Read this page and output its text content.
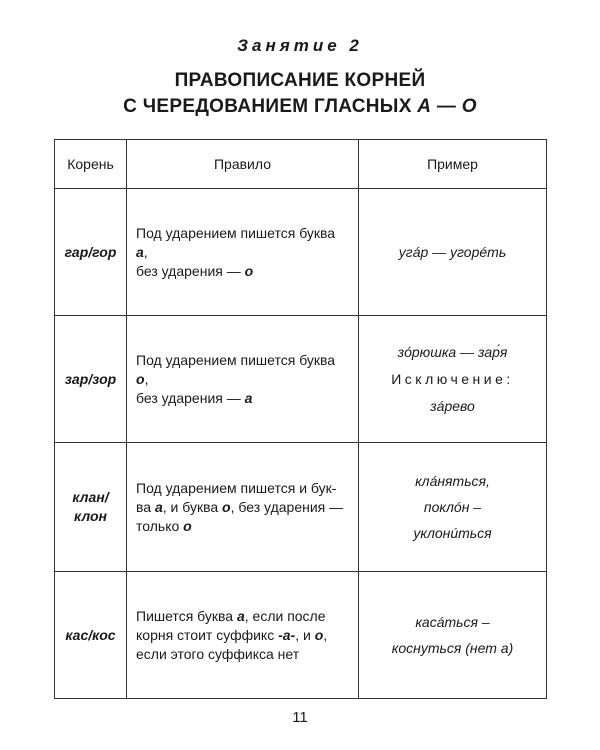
Занятие 2
ПРАВОПИСАНИЕ КОРНЕЙ
С ЧЕРЕДОВАНИЕМ ГЛАСНЫХ А — О
Корень	Правило	Пример
гар/гор	Под ударением пишется буква а,
без ударения — о	угáр — угорéть

зар/зор	Под ударением пишется буква о,
без ударения — а	зóрюшка — зар́я
Исключение:
зáрево

клан/клон	Под ударением пишется и бук-
ва а, и буква о, без ударения —
только о	клáняться,
поклóн –
уклонúться

кас/кос	Пишется буква а, если после
корня стоит суффикс -а-, и о,
если этого суффикса нет	касáться –
коснуться (нет а)
11
